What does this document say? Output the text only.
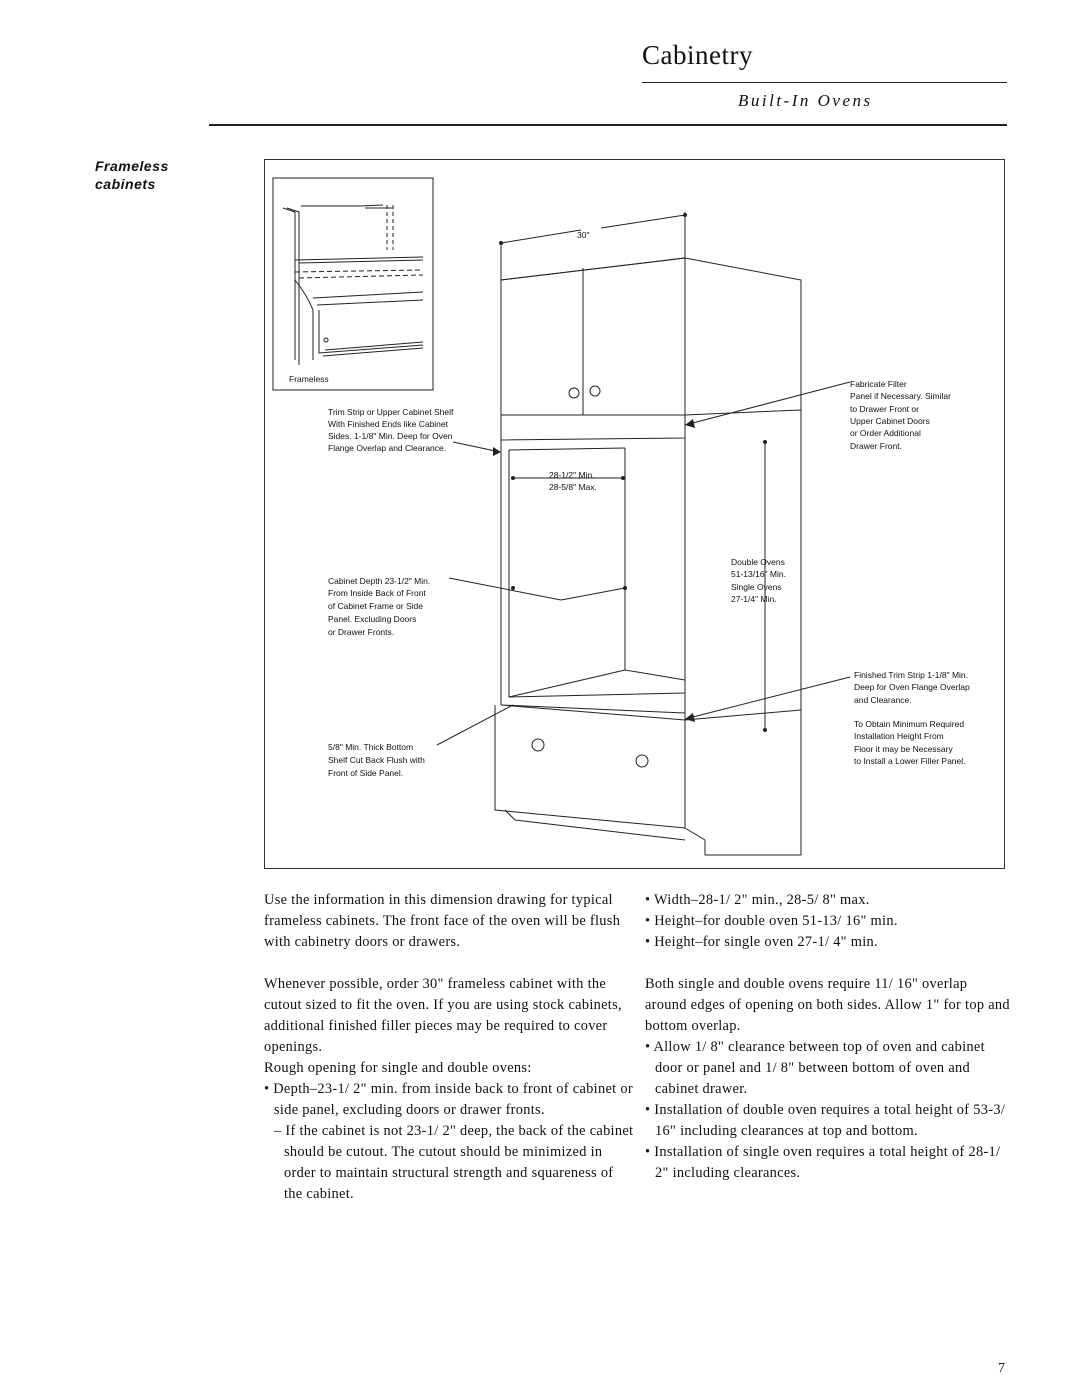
Cabinetry
Built-In Ovens
Frameless
cabinets
Frameless
30"
Trim Strip or Upper Cabinet Shelf
With Finished Ends like Cabinet
Sides. 1-1/8" Min. Deep for Oven
Flange Overlap and Clearance.
28-1/2" Min.
28-5/8" Max.
Cabinet Depth 23-1/2" Min.
From Inside Back of Front
of Cabinet Frame or Side
Panel. Excluding Doors
or Drawer Fronts.
5/8" Min. Thick Bottom
Shelf Cut Back Flush with
Front of Side Panel.
Fabricate Filter
Panel if Necessary. Similar
to Drawer Front or
Upper Cabinet Doors
or Order Additional
Drawer Front.
Double Ovens
51-13/16" Min.
Single Ovens
27-1/4" Min.
Finished Trim Strip 1-1/8" Min.
Deep for Oven Flange Overlap
and Clearance.
To Obtain Minimum Required
Installation Height From
Floor it may be Necessary
to Install a Lower Filler Panel.

Use the information in this dimension drawing for typical frameless cabinets. The front face of the oven will be flush with cabinetry doors or drawers.

Whenever possible, order 30" frameless cabinet with the cutout sized to fit the oven. If you are using stock cabinets, additional finished filler pieces may be required to cover openings.

Rough opening for single and double ovens:

• Depth–23-1/ 2" min. from inside back to front of cabinet or side panel, excluding doors or drawer fronts.

– If the cabinet is not 23-1/ 2" deep, the back of the cabinet should be cutout. The cutout should be minimized in order to maintain structural strength and squareness of the cabinet.

• Width–28-1/ 2" min., 28-5/ 8" max.

• Height–for double oven 51-13/ 16" min.

• Height–for single oven 27-1/ 4" min.

Both single and double ovens require 11/ 16" overlap around edges of opening on both sides. Allow 1" for top and bottom overlap.

• Allow 1/ 8" clearance between top of oven and cabinet door or panel and 1/ 8" between bottom of oven and cabinet drawer.

• Installation of double oven requires a total height of 53-3/ 16" including clearances at top and bottom.

• Installation of single oven requires a total height of 28-1/ 2" including clearances.

7
